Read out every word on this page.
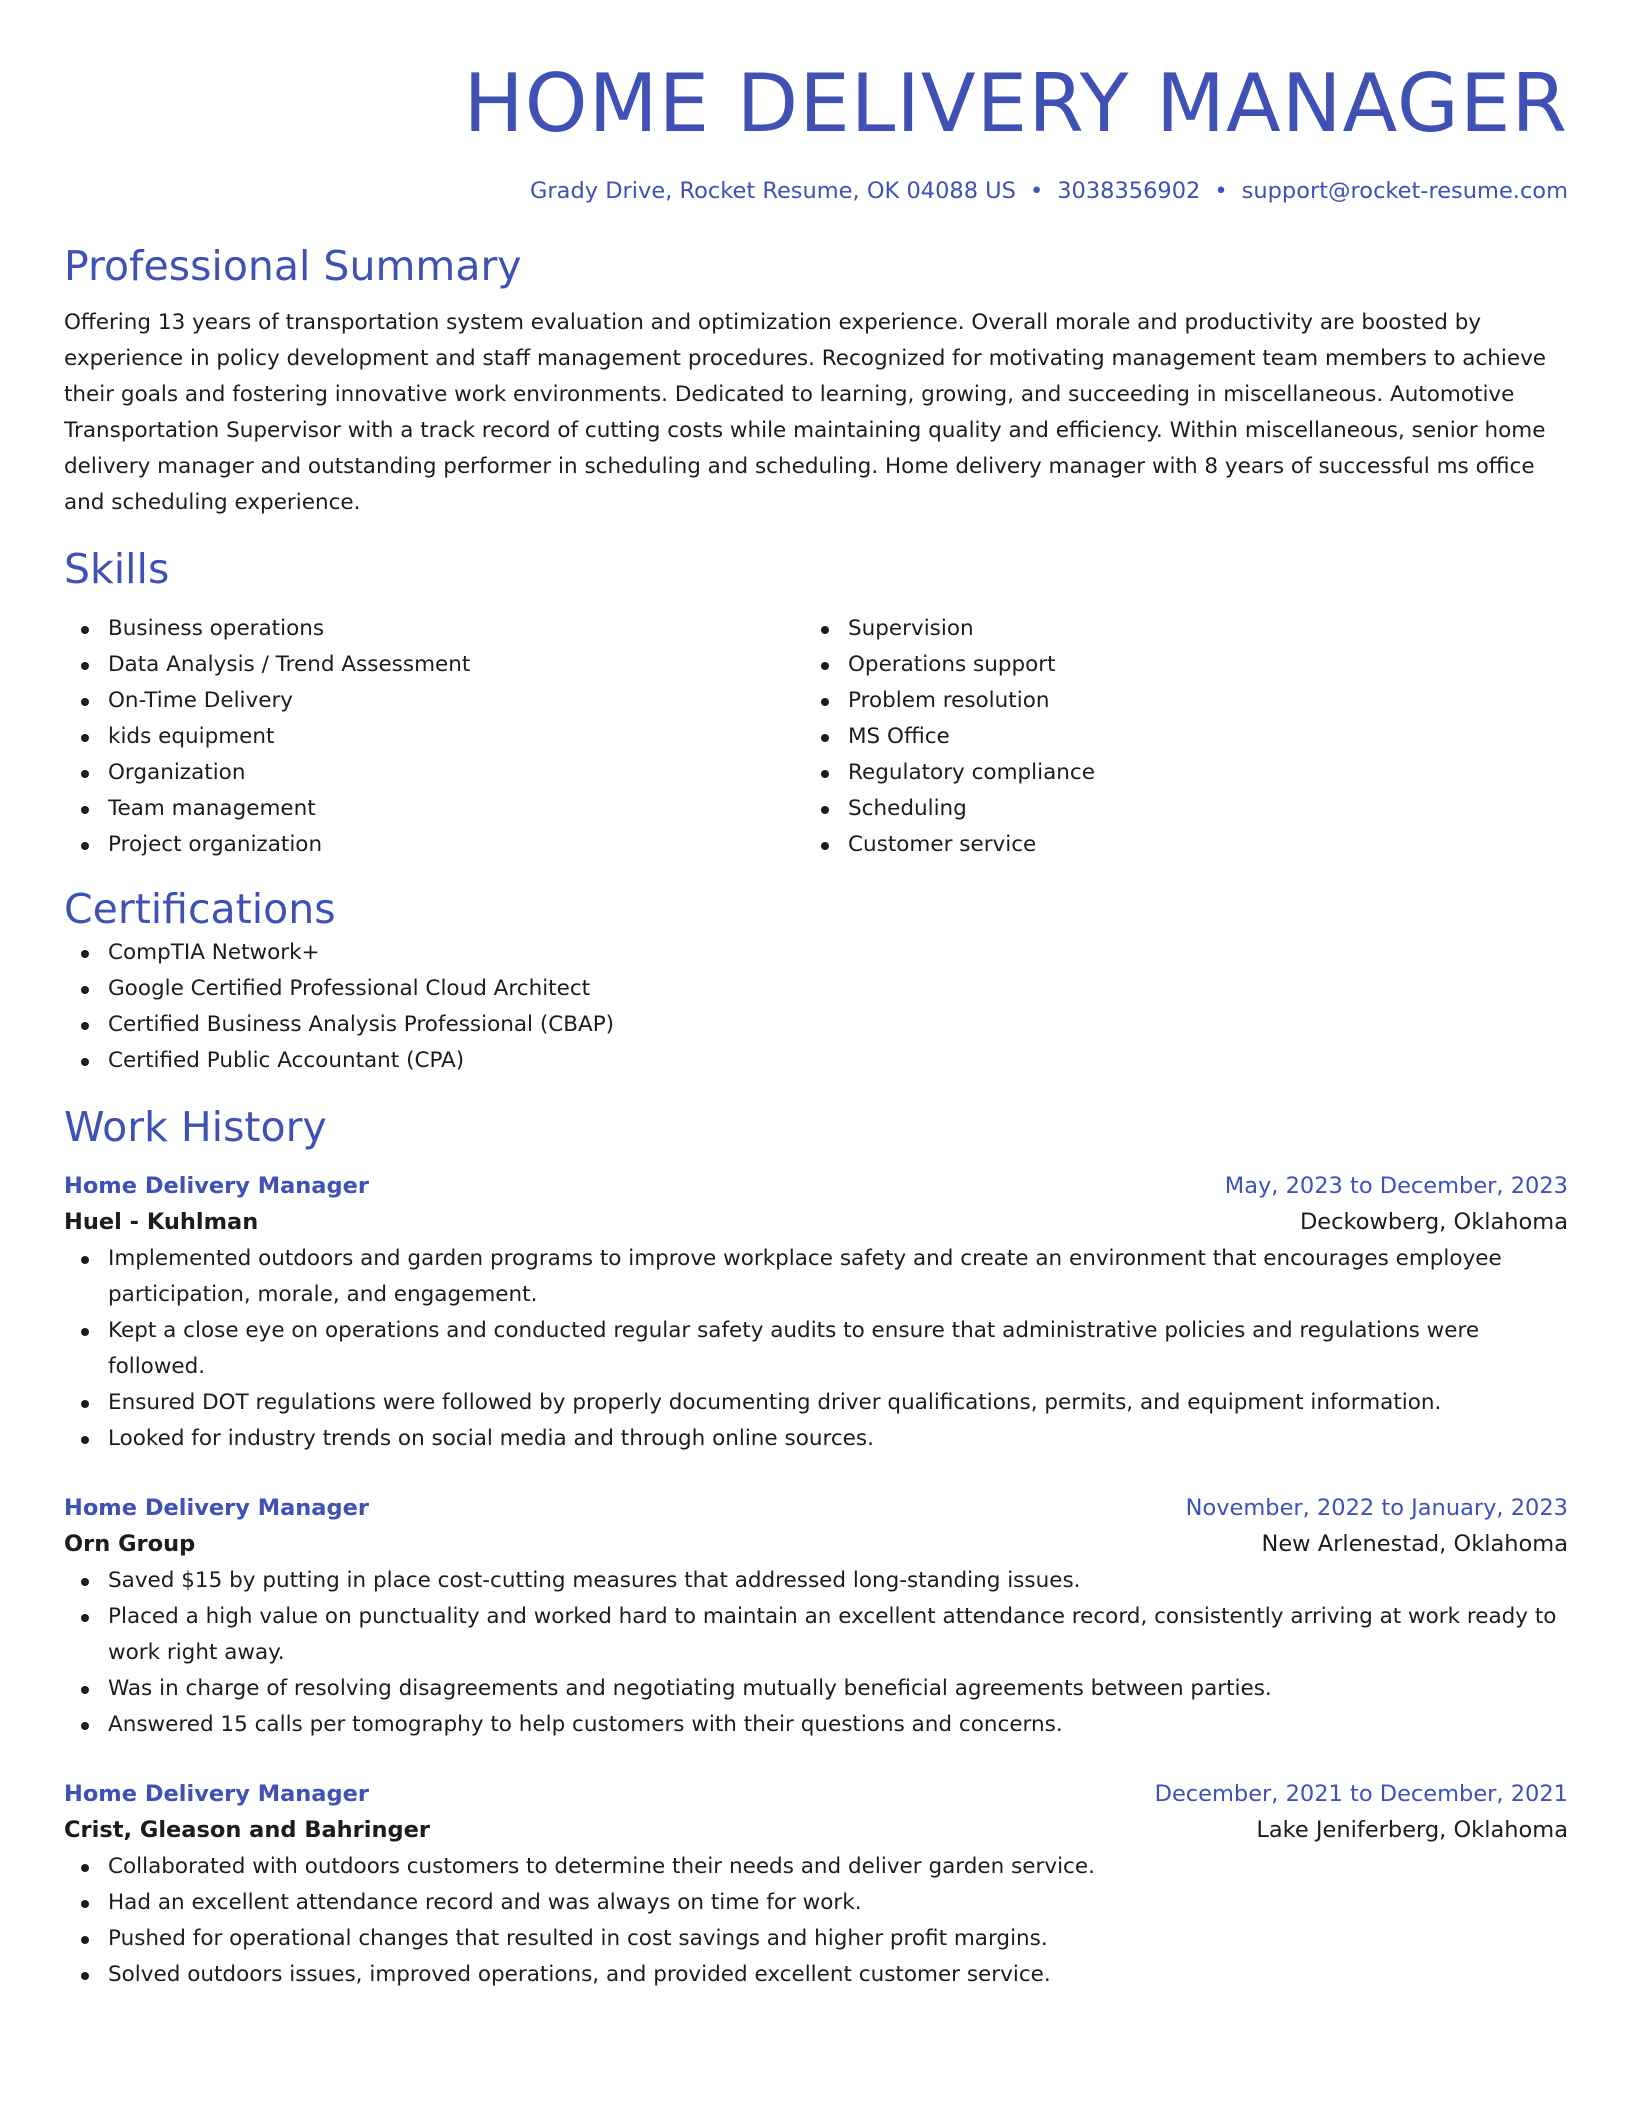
HOME DELIVERY MANAGER
Grady Drive, Rocket Resume, OK 04088 US • 3038356902 • support@rocket-resume.com
Professional Summary

Offering 13 years of transportation system evaluation and optimization experience. Overall morale and productivity are boosted by experience in policy development and staff management procedures. Recognized for motivating management team members to achieve their goals and fostering innovative work environments. Dedicated to learning, growing, and succeeding in miscellaneous. Automotive Transportation Supervisor with a track record of cutting costs while maintaining quality and efficiency. Within miscellaneous, senior home delivery manager and outstanding performer in scheduling and scheduling. Home delivery manager with 8 years of successful ms office and scheduling experience.

Skills
Business operations
Data Analysis / Trend Assessment
On-Time Delivery
kids equipment
Organization
Team management
Project organization
Supervision
Operations support
Problem resolution
MS Office
Regulatory compliance
Scheduling
Customer service
Certifications
CompTIA Network+
Google Certified Professional Cloud Architect
Certified Business Analysis Professional (CBAP)
Certified Public Accountant (CPA)
Work History
Home Delivery Manager	May, 2023 to December, 2023
Huel - Kuhlman	Deckowberg, Oklahoma
Implemented outdoors and garden programs to improve workplace safety and create an environment that encourages employee participation, morale, and engagement.
Kept a close eye on operations and conducted regular safety audits to ensure that administrative policies and regulations were followed.
Ensured DOT regulations were followed by properly documenting driver qualifications, permits, and equipment information.
Looked for industry trends on social media and through online sources.
Home Delivery Manager	November, 2022 to January, 2023
Orn Group	New Arlenestad, Oklahoma
Saved $15 by putting in place cost-cutting measures that addressed long-standing issues.
Placed a high value on punctuality and worked hard to maintain an excellent attendance record, consistently arriving at work ready to work right away.
Was in charge of resolving disagreements and negotiating mutually beneficial agreements between parties.
Answered 15 calls per tomography to help customers with their questions and concerns.
Home Delivery Manager	December, 2021 to December, 2021
Crist, Gleason and Bahringer	Lake Jeniferberg, Oklahoma
Collaborated with outdoors customers to determine their needs and deliver garden service.
Had an excellent attendance record and was always on time for work.
Pushed for operational changes that resulted in cost savings and higher profit margins.
Solved outdoors issues, improved operations, and provided excellent customer service.
